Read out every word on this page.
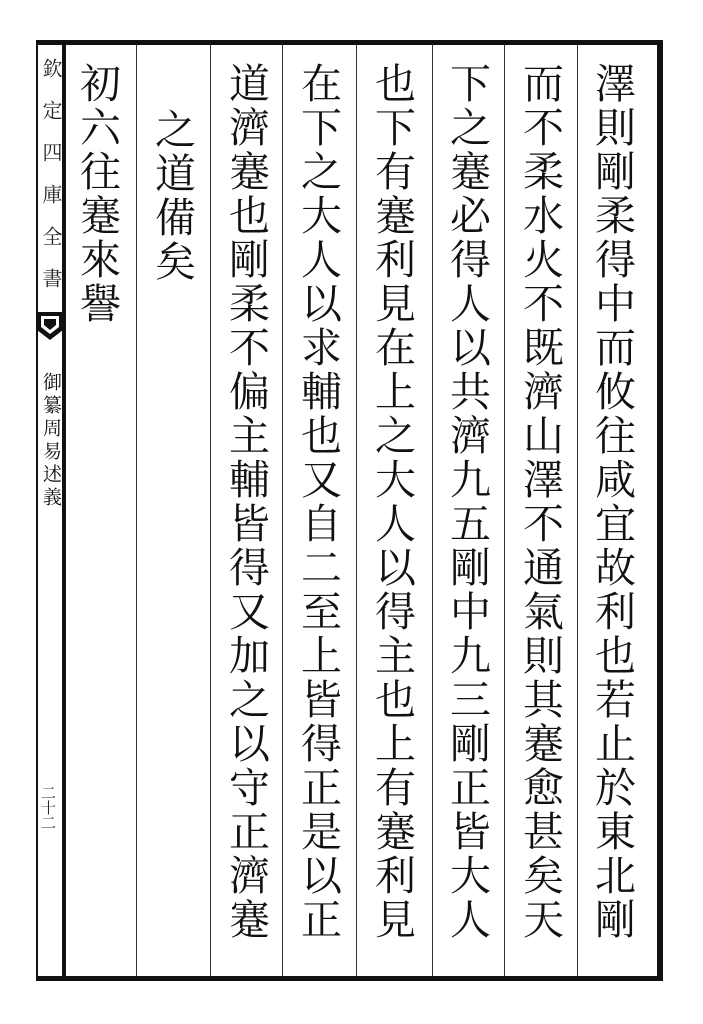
欽定四庫全書
御纂周易述義
二十二	澤則剛柔得中而攸往咸宜故利也若止於東北剛
而不柔水火不既濟山澤不通氣則其蹇愈甚矣天
下之蹇必得人以共濟九五剛中九三剛正皆大人
也下有蹇利見在上之大人以得主也上有蹇利見
在下之大人以求輔也又自二至上皆得正是以正
道濟蹇也剛柔不偏主輔皆得又加之以守正濟蹇
之道備矣
初六往蹇來譽
